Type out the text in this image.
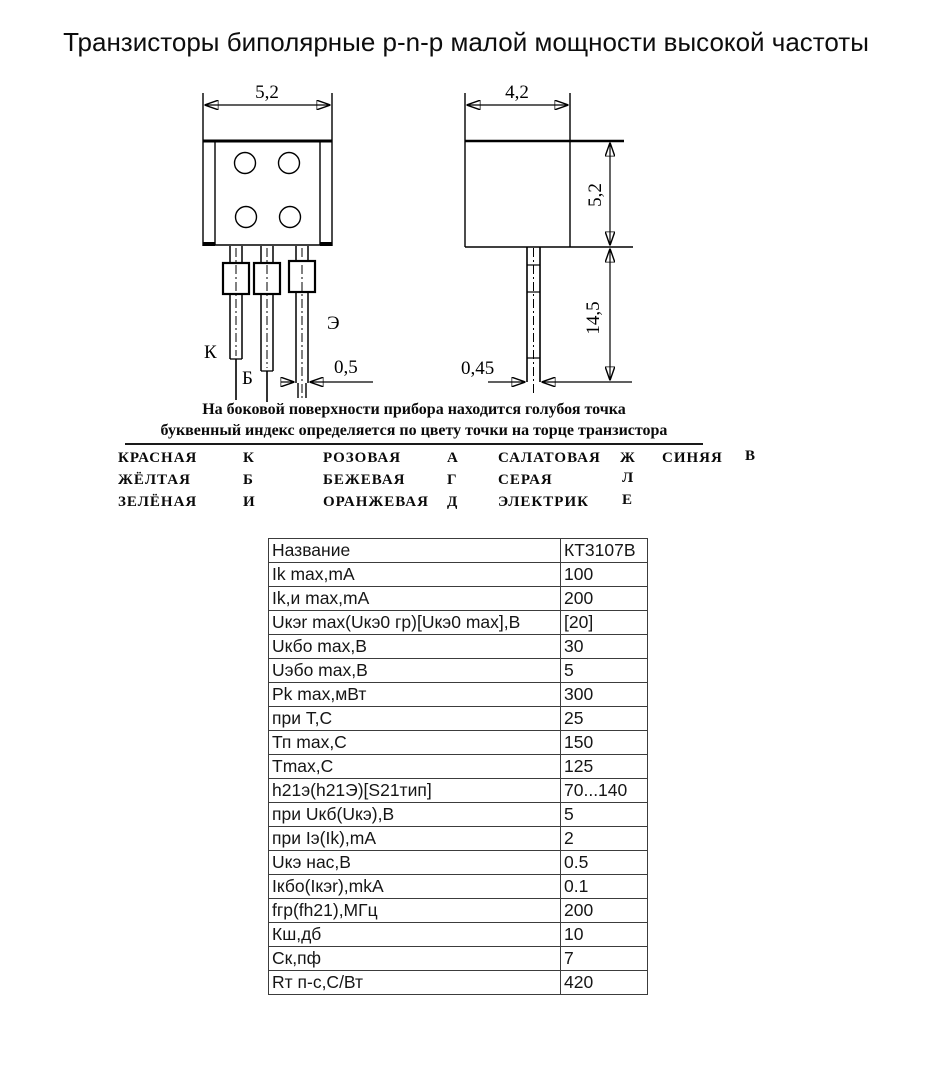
Транзисторы биполярные p-n-p малой мощности высокой частоты
5,2
К
Б
Э
0,5
4,2
5,2
14,5
0,45
На боковой поверхности прибора находится голубоя точка
буквенный индекс определяется по цвету точки на торце транзистора
КРАСНАЯ	К	РОЗОВАЯ	А	САЛАТОВАЯ Ж СИНЯЯ В
ЖЁЛТАЯ	Б	БЕЖЕВАЯ	Г	СЕРАЯ	Л
ЗЕЛЁНАЯ	И	ОРАНЖЕВАЯ Д	ЭЛЕКТРИК Е
Название	КТ3107В
Ik max,mA	100
Ik,и max,mA	200
Uкэr max(Uкэ0 гр)[Uкэ0 max],B	[20]
Uкбо max,B	30
Uэбо max,B	5
Pk max,мВт	300
при T,C	25
Тп max,C	150
Tmax,C	125
h21э(h21Э)[S21тип]	70...140
при Uкб(Uкэ),B	5
при Iэ(Ik),mA	2
Uкэ нас,B	0.5
Iкбо(Iкэr),mkA	0.1
fгр(fh21),МГц	200
Кш,дб	10
Ск,пф	7
Rт п-с,С/Вт	420
